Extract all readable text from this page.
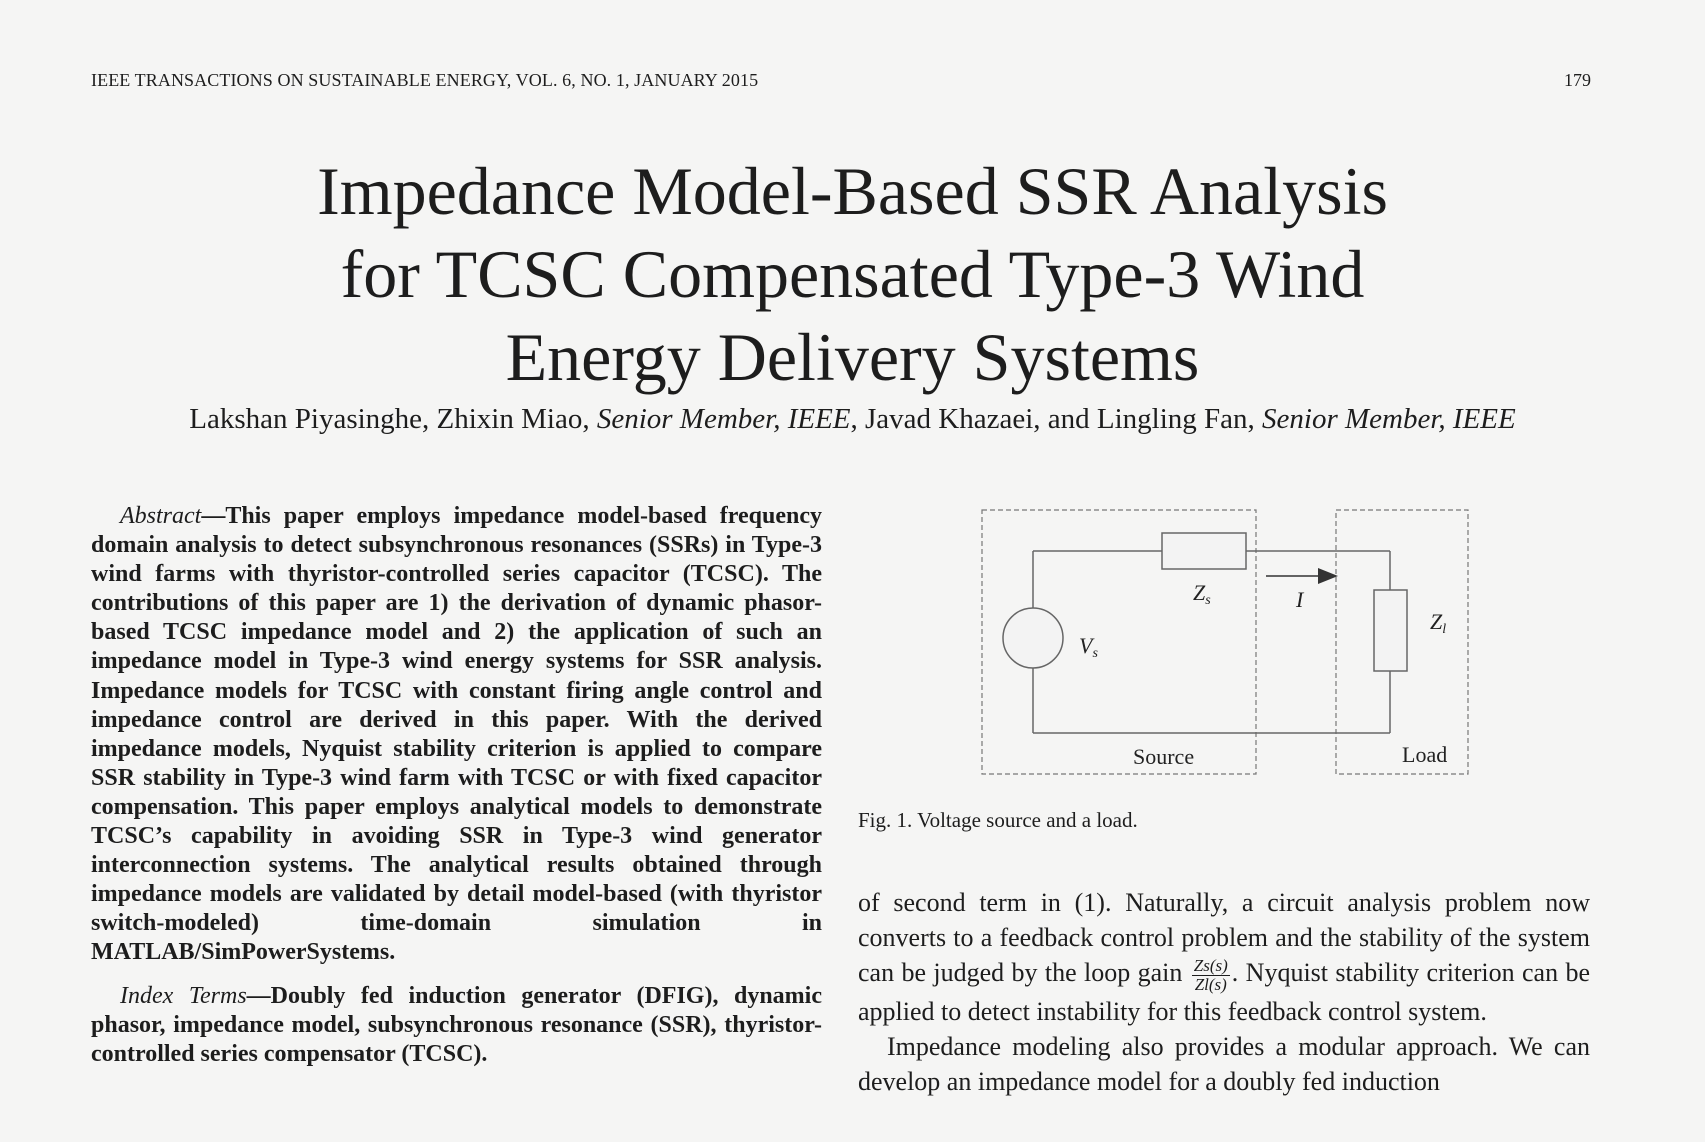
IEEE TRANSACTIONS ON SUSTAINABLE ENERGY, VOL. 6, NO. 1, JANUARY 2015	179
Impedance Model-Based SSR Analysis
for TCSC Compensated Type-3 Wind
Energy Delivery Systems
Lakshan Piyasinghe, Zhixin Miao, Senior Member, IEEE, Javad Khazaei, and Lingling Fan, Senior Member, IEEE

Abstract—This paper employs impedance model-based frequency domain analysis to detect subsynchronous resonances (SSRs) in Type-3 wind farms with thyristor-controlled series capacitor (TCSC). The contributions of this paper are 1) the derivation of dynamic phasor-based TCSC impedance model and 2) the application of such an impedance model in Type-3 wind energy systems for SSR analysis. Impedance models for TCSC with constant firing angle control and impedance control are derived in this paper. With the derived impedance models, Nyquist stability criterion is applied to compare SSR stability in Type-3 wind farm with TCSC or with fixed capacitor compensation. This paper employs analytical models to demonstrate TCSC’s capability in avoiding SSR in Type-3 wind generator interconnection systems. The analytical results obtained through impedance models are validated by detail model-based (with thyristor switch-modeled) time-domain simulation in MATLAB/SimPowerSystems.

Index Terms—Doubly fed induction generator (DFIG), dynamic phasor, impedance model, subsynchronous resonance (SSR), thyristor-controlled series compensator (TCSC).

Zs	I
Zl
Vs
Source	Load
Fig. 1. Voltage source and a load.

of second term in (1). Naturally, a circuit analysis problem now converts to a feedback control problem and the stability of the system can be judged by the loop gain $\frac{Zs(s)}{Zl(s)}$ . Nyquist stability criterion can be applied to detect instability for this feedback control system.

Impedance modeling also provides a modular approach. We can develop an impedance model for a doubly fed induction
